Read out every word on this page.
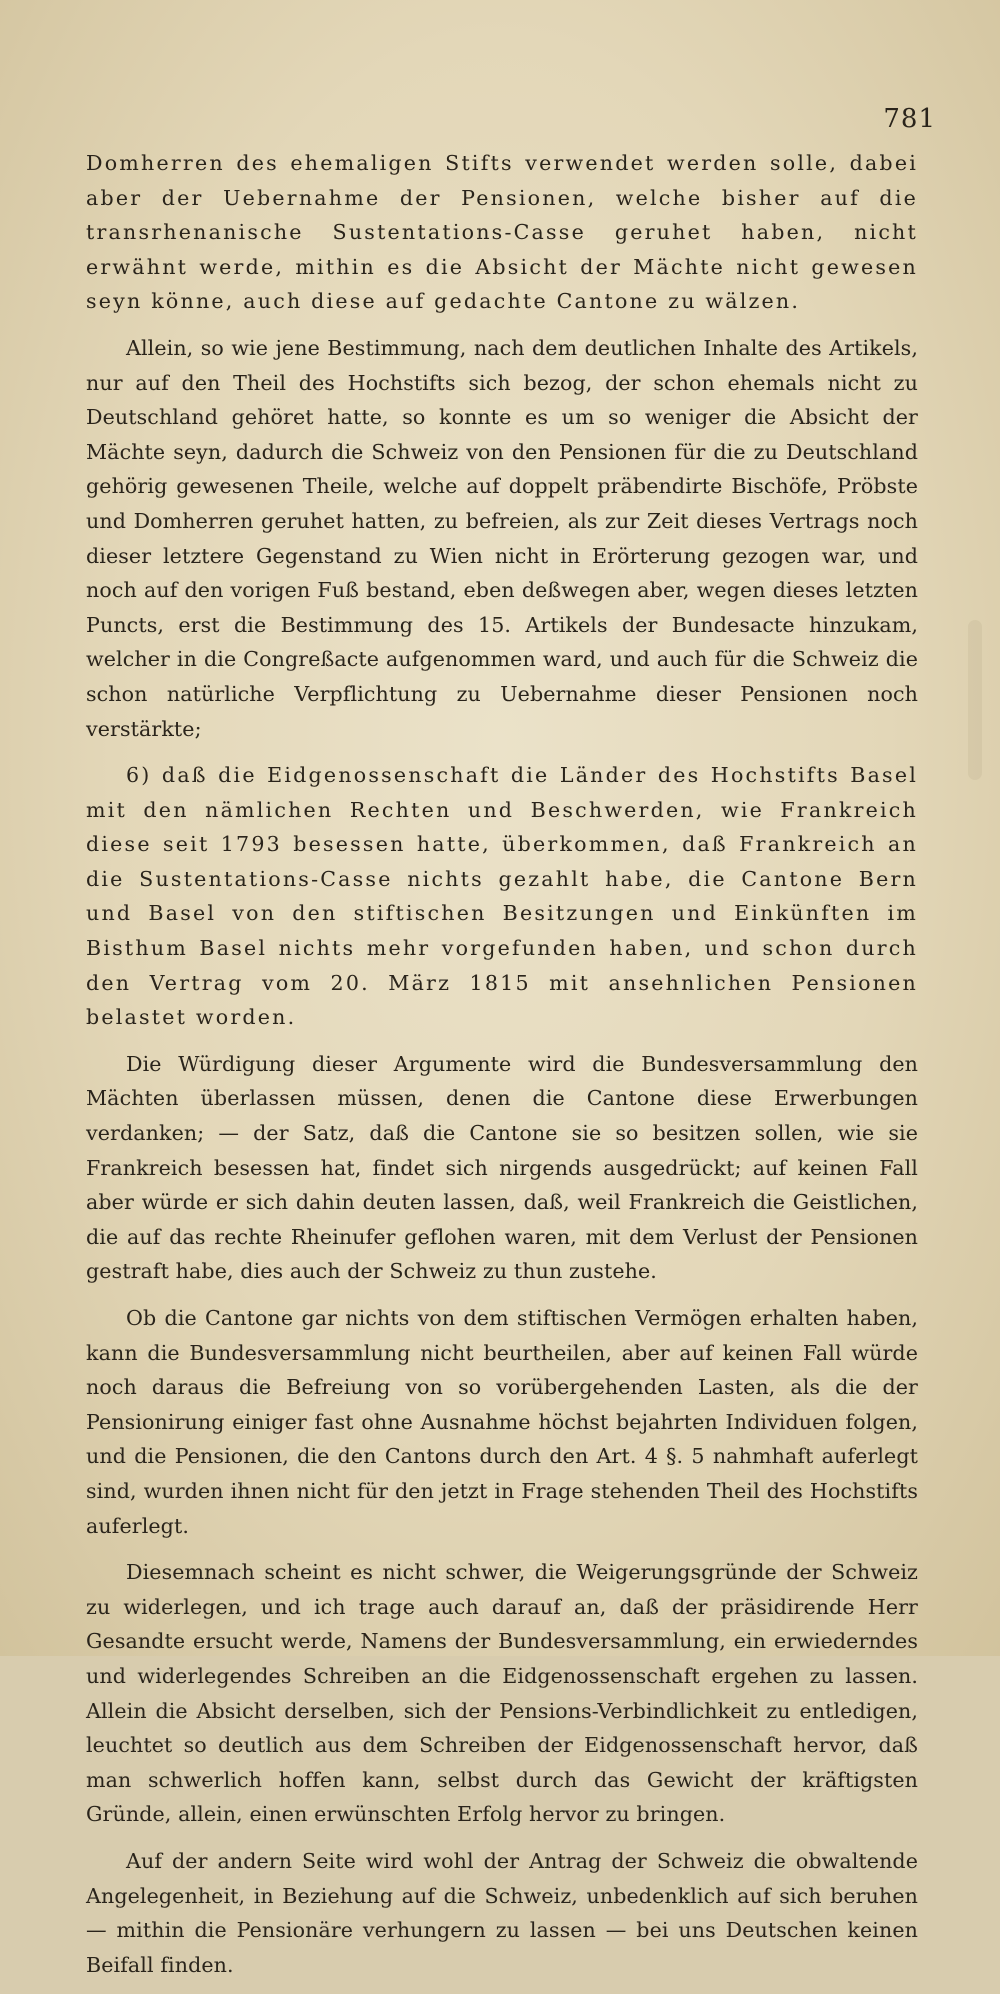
781

Domherren des ehemaligen Stifts verwendet werden solle, dabei aber der Uebernahme der Pensionen, welche bisher auf die transrhenanische Sustentations-Casse geruhet haben, nicht erwähnt werde, mithin es die Absicht der Mächte nicht gewesen seyn könne, auch diese auf gedachte Cantone zu wälzen.

Allein, so wie jene Bestimmung, nach dem deutlichen Inhalte des Artikels, nur auf den Theil des Hochstifts sich bezog, der schon ehemals nicht zu Deutschland gehöret hatte, so konnte es um so weniger die Absicht der Mächte seyn, dadurch die Schweiz von den Pensionen für die zu Deutschland gehörig gewesenen Theile, welche auf doppelt präbendirte Bischöfe, Pröbste und Domherren geruhet hatten, zu befreien, als zur Zeit dieses Vertrags noch dieser letztere Gegenstand zu Wien nicht in Erörterung gezogen war, und noch auf den vorigen Fuß bestand, eben deßwegen aber, wegen dieses letzten Puncts, erst die Bestimmung des 15. Artikels der Bundesacte hinzukam, welcher in die Congreßacte aufgenommen ward, und auch für die Schweiz die schon natürliche Verpflichtung zu Uebernahme dieser Pensionen noch verstärkte;

6) daß die Eidgenossenschaft die Länder des Hochstifts Basel mit den nämlichen Rechten und Beschwerden, wie Frankreich diese seit 1793 besessen hatte, überkommen, daß Frankreich an die Sustentations-Casse nichts gezahlt habe, die Cantone Bern und Basel von den stiftischen Besitzungen und Einkünften im Bisthum Basel nichts mehr vorgefunden haben, und schon durch den Vertrag vom 20. März 1815 mit ansehnlichen Pensionen belastet worden.

Die Würdigung dieser Argumente wird die Bundesversammlung den Mächten überlassen müssen, denen die Cantone diese Erwerbungen verdanken; — der Satz, daß die Cantone sie so besitzen sollen, wie sie Frankreich besessen hat, findet sich nirgends ausgedrückt; auf keinen Fall aber würde er sich dahin deuten lassen, daß, weil Frankreich die Geistlichen, die auf das rechte Rheinufer geflohen waren, mit dem Verlust der Pensionen gestraft habe, dies auch der Schweiz zu thun zustehe.

Ob die Cantone gar nichts von dem stiftischen Vermögen erhalten haben, kann die Bundesversammlung nicht beurtheilen, aber auf keinen Fall würde noch daraus die Befreiung von so vorübergehenden Lasten, als die der Pensionirung einiger fast ohne Ausnahme höchst bejahrten Individuen folgen, und die Pensionen, die den Cantons durch den Art. 4 §. 5 nahmhaft auferlegt sind, wurden ihnen nicht für den jetzt in Frage stehenden Theil des Hochstifts auferlegt.

Diesemnach scheint es nicht schwer, die Weigerungsgründe der Schweiz zu widerlegen, und ich trage auch darauf an, daß der präsidirende Herr Gesandte ersucht werde, Namens der Bundesversammlung, ein erwiederndes und widerlegendes Schreiben an die Eidgenossenschaft ergehen zu lassen. Allein die Absicht derselben, sich der Pensions-Verbindlichkeit zu entledigen, leuchtet so deutlich aus dem Schreiben der Eidgenossenschaft hervor, daß man schwerlich hoffen kann, selbst durch das Gewicht der kräftigsten Gründe, allein, einen erwünschten Erfolg hervor zu bringen.

Auf der andern Seite wird wohl der Antrag der Schweiz die obwaltende Angelegenheit, in Beziehung auf die Schweiz, unbedenklich auf sich beruhen — mithin die Pensionäre verhungern zu lassen — bei uns Deutschen keinen Beifall finden.
